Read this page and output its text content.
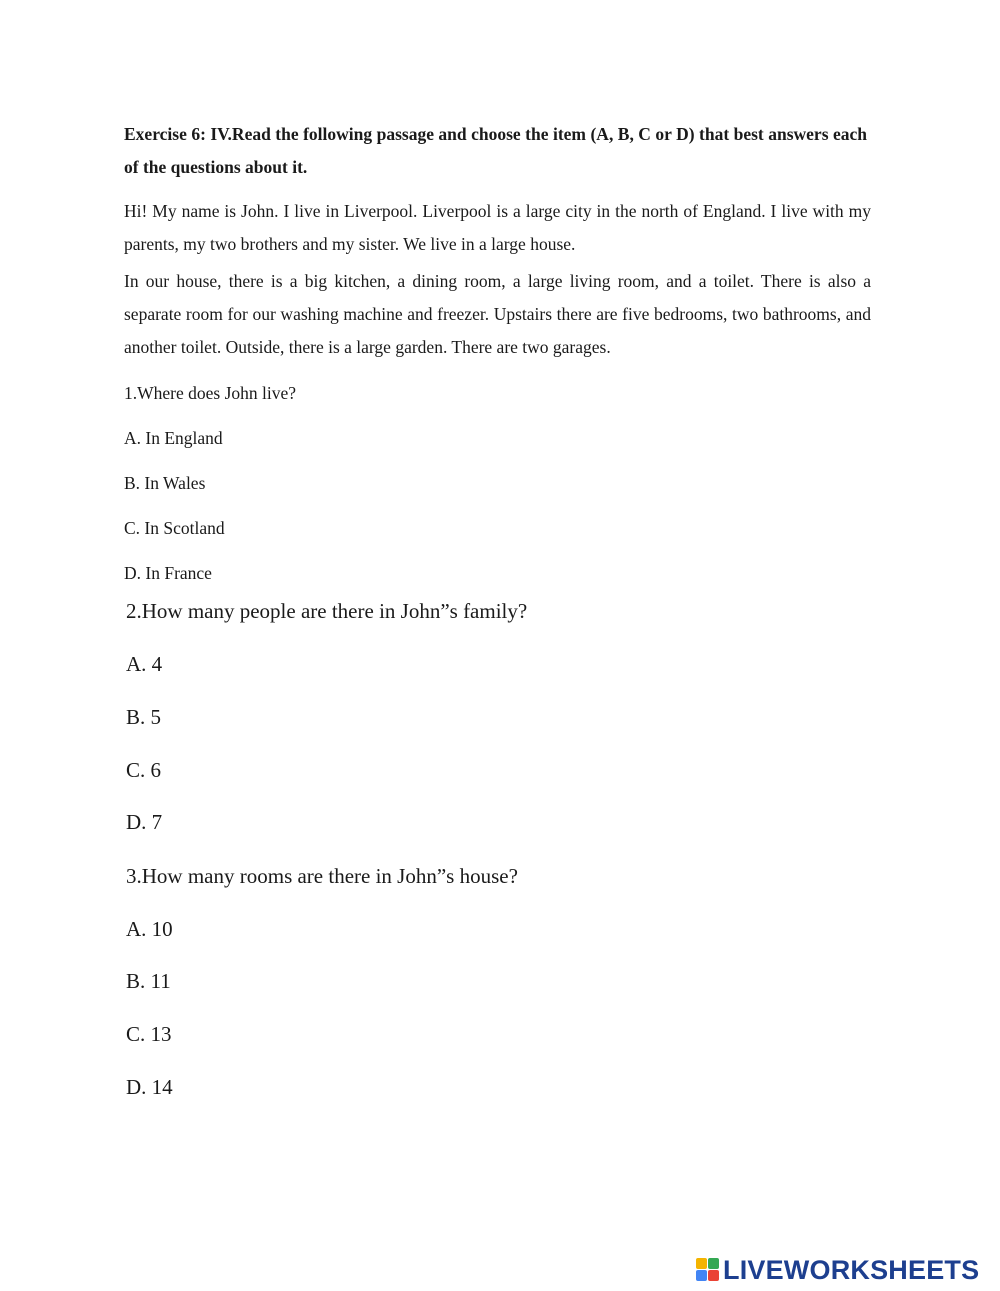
Exercise 6: IV.Read the following passage and choose the item (A, B, C or D) that best answers each of the questions about it.
Hi! My name is John. I live in Liverpool. Liverpool is a large city in the north of England. I live with my parents, my two brothers and my sister. We live in a large house.
In our house, there is a big kitchen, a dining room, a large living room, and a toilet. There is also a separate room for our washing machine and freezer. Upstairs there are five bedrooms, two bathrooms, and another toilet. Outside, there is a large garden. There are two garages.
1.Where does John live?
A. In England
B. In Wales
C. In Scotland
D. In France
2.How many people are there in John”s family?
A. 4
B. 5
C. 6
D. 7
3.How many rooms are there in John”s house?
A. 10
B. 11
C. 13
D. 14
LIVEWORKSHEETS
